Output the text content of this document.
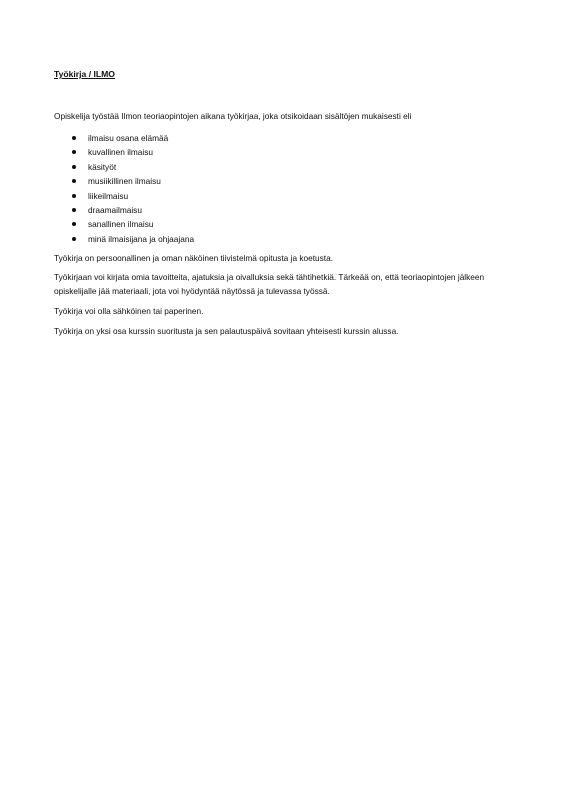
Työkirja / ILMO

Opiskelija työstää Ilmon teoriaopintojen aikana työkirjaa, joka otsikoidaan sisältöjen mukaisesti eli

ilmaisu osana elämää
kuvallinen ilmaisu
käsityöt
musiikillinen ilmaisu
liikeilmaisu
draamailmaisu
sanallinen ilmaisu
minä ilmaisijana ja ohjaajana

Työkirja on persoonallinen ja oman näköinen tiivistelmä opitusta ja koetusta.

Työkirjaan voi kirjata omia tavoitteita, ajatuksia ja oivalluksia sekä tähtihetkiä. Tärkeää on, että teoriaopintojen jälkeen opiskelijalle jää materiaali, jota voi hyödyntää näytössä ja tulevassa työssä.

Työkirja voi olla sähköinen tai paperinen.

Työkirja on yksi osa kurssin suoritusta ja sen palautuspäivä sovitaan yhteisesti kurssin alussa.
